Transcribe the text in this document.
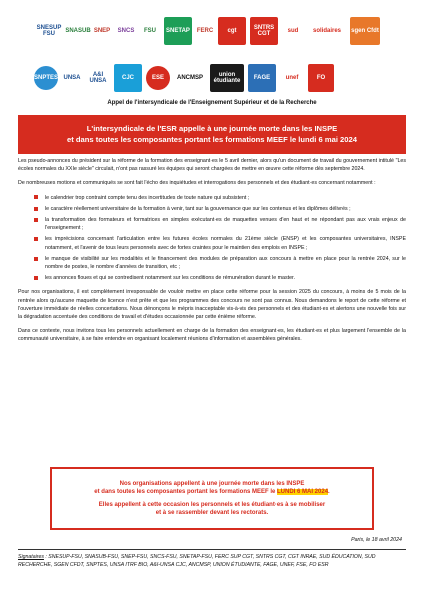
SNESUP FSU
SNASUB SNEP	SNCS	FSU	SNETAP	FERC	cgt
SNTRS CGT
sud	solidaires	sgen Cfdt
SNPTES UNSA
A&I UNSA
CJC	ESE	ANCMSP
union étudiante
FAGE	unef	FO
Appel de l'intersyndicale de l'Enseignement Supérieur et de la Recherche
L'intersyndicale de l'ESR appelle à une journée morte dans les INSPE
et dans toutes les composantes portant les formations MEEF le lundi 6 mai 2024

Les pseudo-annonces du président sur la réforme de la formation des enseignant·es le 5 avril dernier, alors qu'un document de travail du gouvernement intitulé "Les écoles normales du XXIe siècle" circulait, n'ont pas rassuré les équipes qui seront chargées de mettre en œuvre cette réforme dès septembre 2024.

De nombreuses motions et communiqués se sont fait l'écho des inquiétudes et interrogations des personnels et des étudiant·es concernant notamment :

le calendrier trop contraint compte tenu des incertitudes de toute nature qui subsistent ;
le caractère réellement universitaire de la formation à venir, tant sur la gouvernance que sur les contenus et les diplômes délivrés ;
la transformation des formateurs et formatrices en simples exécutant·es de maquettes venues d'en haut et ne répondant pas aux vrais enjeux de l'enseignement ;
les imprécisions concernant l'articulation entre les futures écoles normales du 21ème siècle (ENSP) et les composantes universitaires, INSPE notamment, et l'avenir de tous leurs personnels avec de fortes craintes pour le maintien des emplois en INSPE ;
le manque de visibilité sur les modalités et le financement des modules de préparation aux concours à mettre en place pour la rentrée 2024, sur le nombre de postes, le nombre d'années de transition, etc ;
les annonces floues et qui se contredisent notamment sur les conditions de rémunération durant le master.

Pour nos organisations, il est complètement irresponsable de vouloir mettre en place cette réforme pour la session 2025 du concours, à moins de 5 mois de la rentrée alors qu'aucune maquette de licence n'est prête et que les programmes des concours ne sont pas connus. Nous demandons le report de cette réforme et l'ouverture immédiate de réelles concertations. Nous dénonçons le mépris inacceptable vis-à-vis des personnels et des étudiant·es et alertons une nouvelle fois sur la dégradation accentuée des conditions de travail et d'études occasionnée par cette énième réforme.

Dans ce contexte, nous invitons tous les personnels actuellement en charge de la formation des enseignant·es, les étudiant·es et plus largement l'ensemble de la communauté universitaire, à se faire entendre en organisant localement réunions d'information et assemblées générales.

Nos organisations appellent à une journée morte dans les INSPE
et dans toutes les composantes portant les formations MEEF le LUNDI 6 MAI 2024.

Elles appellent à cette occasion les personnels et les étudiant·es à se mobiliser
et à se rassembler devant les rectorats.

Paris, le 18 avril 2024
Signataires : SNESUP-FSU, SNASUB-FSU, SNEP-FSU, SNCS-FSU, SNETAP-FSU, FERC SUP CGT, SNTRS CGT, CGT INRAE, SUD ÉDUCATION, SUD RECHERCHE, SGEN CFDT, SNPTES, UNSA ITRF BIO, A&I-UNSA CJC, ANCMSP, UNION ÉTUDIANTE, FAGE, UNEF, FSE, FO ESR
